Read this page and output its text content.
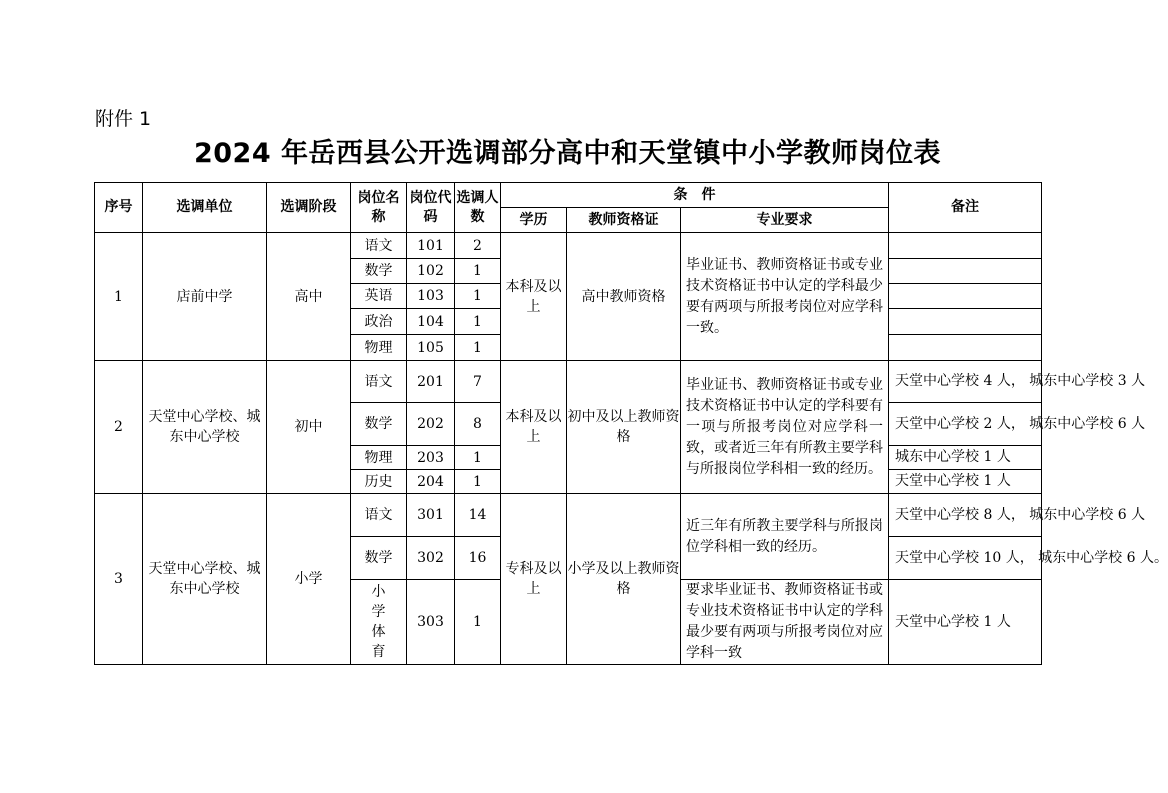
附件 1
2024 年岳西县公开选调部分高中和天堂镇中小学教师岗位表
序号	选调单位	选调阶段	岗位名称	岗位代码	选调人数	条　件			备注
						学历	教师资格证	专业要求	
1	店前中学	高中	语文	101	2	本科及以上	高中教师资格	毕业证书、教师资格证书或专业技术资格证书中认定的学科最少要有两项与所报考岗位对应学科一致。	
			数学	102	1				
			英语	103	1				
			政治	104	1				
			物理	105	1				
2	天堂中心学校、城东中心学校	初中	语文	201	7	本科及以上	初中及以上教师资格	毕业证书、教师资格证书或专业技术资格证书中认定的学科要有一项与所报考岗位对应学科一致，或者近三年有所教主要学科与所报岗位学科相一致的经历。	天堂中心学校 4 人， 城东中心学校 3 人
			数学	202	8				天堂中心学校 2 人， 城东中心学校 6 人
			物理	203	1				城东中心学校 1 人
			历史	204	1				天堂中心学校 1 人
3	天堂中心学校、城东中心学校	小学	语文	301	14	专科及以上	小学及以上教师资格	近三年有所教主要学科与所报岗位学科相一致的经历。	天堂中心学校 8 人， 城东中心学校 6 人
			数学	302	16				天堂中心学校 10 人， 城东中心学校 6 人。
			小学体育	303	1			要求毕业证书、教师资格证书或专业技术资格证书中认定的学科最少要有两项与所报考岗位对应学科一致	天堂中心学校 1 人
